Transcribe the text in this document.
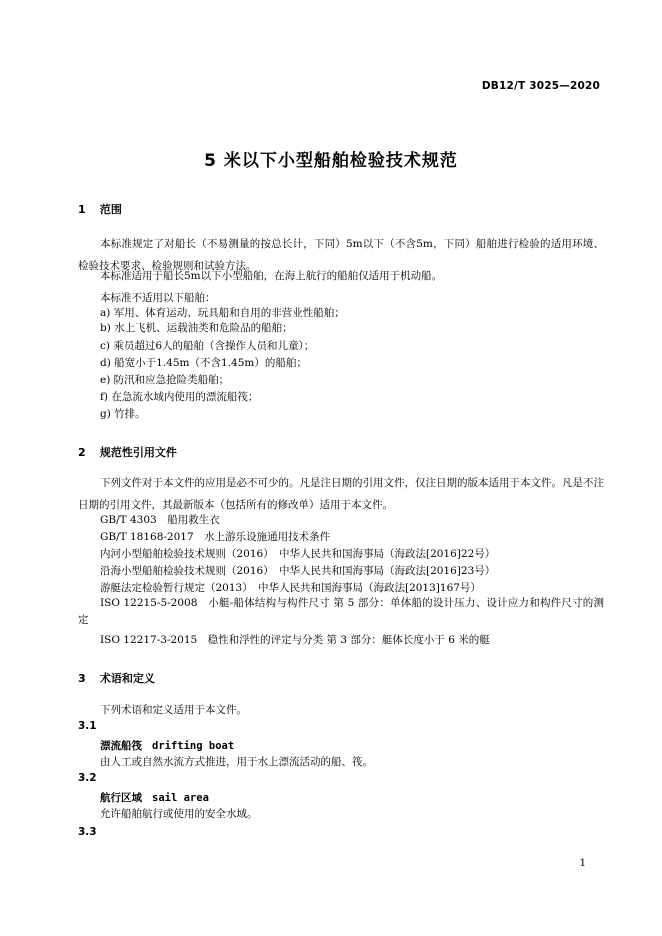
DB12/T 3025—2020
5 米以下小型船舶检验技术规范
1 范围
本标准规定了对船长（不易测量的按总长计，下同）5m以下（不含5m，下同）船舶进行检验的适用环境、检验技术要求、检验规则和试验方法。
本标准适用于船长5m以下小型船舶，在海上航行的船舶仅适用于机动船。
本标准不适用以下船舶：
a) 军用、体育运动、玩具船和自用的非营业性船舶；
b) 水上飞机、运载油类和危险品的船舶；
c) 乘员超过6人的船舶（含操作人员和儿童）；
d) 船宽小于1.45m（不含1.45m）的船舶；
e) 防汛和应急抢险类船舶；
f) 在急流水域内使用的漂流船筏；
g) 竹排。
2 规范性引用文件
下列文件对于本文件的应用是必不可少的。凡是注日期的引用文件，仅注日期的版本适用于本文件。凡是不注日期的引用文件，其最新版本（包括所有的修改单）适用于本文件。
GB/T 4303　船用救生衣
GB/T 18168-2017　水上游乐设施通用技术条件
内河小型船舶检验技术规则（2016）　中华人民共和国海事局（海政法[2016]22号）
沿海小型船舶检验技术规则（2016）　中华人民共和国海事局（海政法[2016]23号）
游艇法定检验暂行规定（2013）　中华人民共和国海事局（海政法[2013]167号）
ISO 12215-5-2008　小艇-船体结构与构件尺寸 第 5 部分：单体船的设计压力、设计应力和构件尺寸的测定
ISO 12217-3-2015　稳性和浮性的评定与分类 第 3 部分：艇体长度小于 6 米的艇
3 术语和定义
下列术语和定义适用于本文件。
3.1
漂流船筏 drifting boat
由人工或自然水流方式推进，用于水上漂流活动的船、筏。
3.2
航行区域 sail area
允许船舶航行或使用的安全水域。
3.3
1
